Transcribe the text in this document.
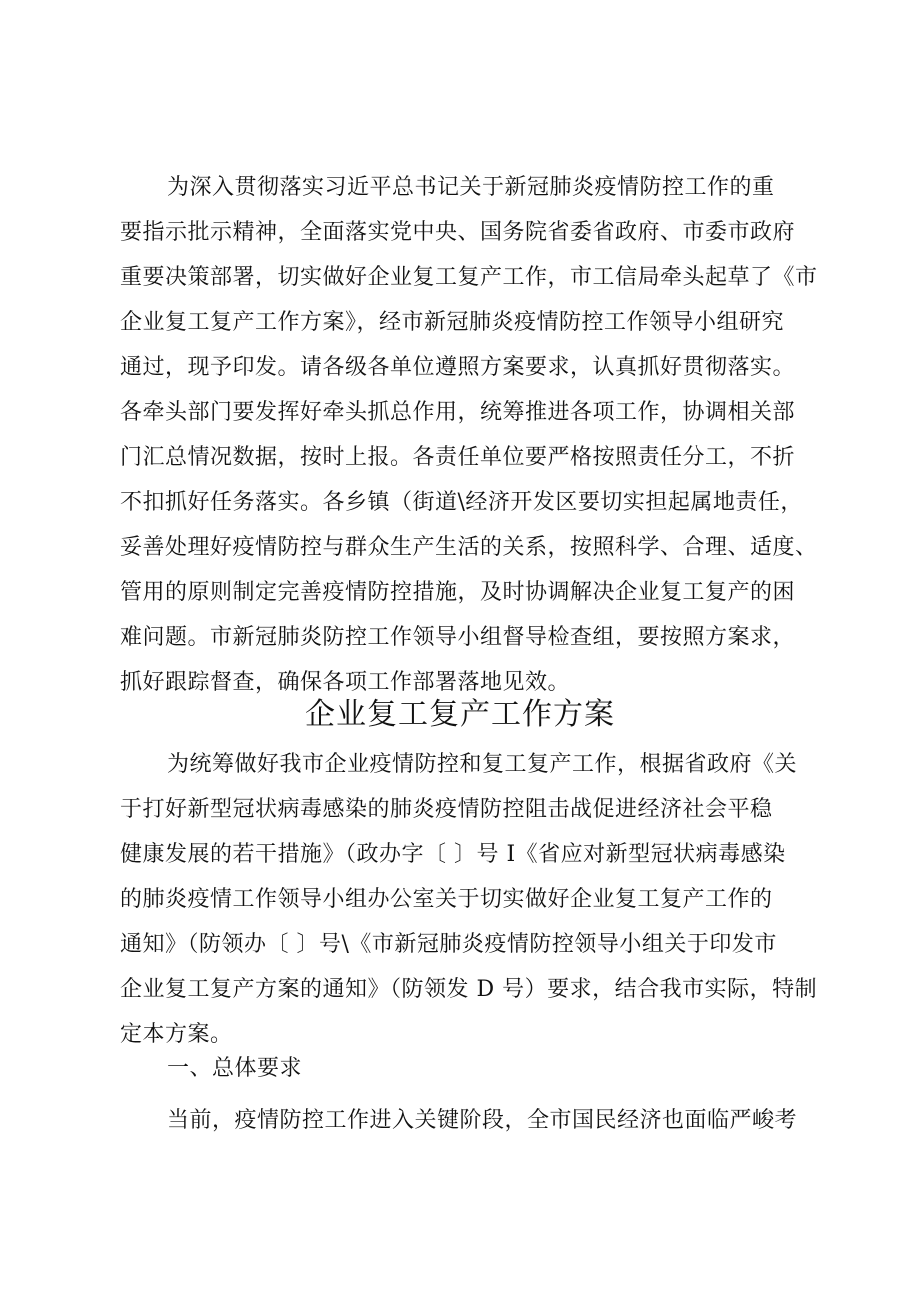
为深入贯彻落实习近平总书记关于新冠肺炎疫情防控工作的重
要指示批示精神，全面落实党中央、国务院省委省政府、市委市政府
重要决策部署，切实做好企业复工复产工作，市工信局牵头起草了《市
企业复工复产工作方案》，经市新冠肺炎疫情防控工作领导小组研究
通过，现予印发。请各级各单位遵照方案要求，认真抓好贯彻落实。
各牵头部门要发挥好牵头抓总作用，统筹推进各项工作，协调相关部
门汇总情况数据，按时上报。各责任单位要严格按照责任分工，不折
不扣抓好任务落实。各乡镇（街道\经济开发区要切实担起属地责任，
妥善处理好疫情防控与群众生产生活的关系，按照科学、合理、适度、
管用的原则制定完善疫情防控措施，及时协调解决企业复工复产的困
难问题。市新冠肺炎防控工作领导小组督导检查组，要按照方案求，
抓好跟踪督查，确保各项工作部署落地见效。
企业复工复产工作方案
为统筹做好我市企业疫情防控和复工复产工作，根据省政府《关
于打好新型冠状病毒感染的肺炎疫情防控阻击战促进经济社会平稳
健康发展的若干措施》（政办字〔 〕号 I《省应对新型冠状病毒感染
的肺炎疫情工作领导小组办公室关于切实做好企业复工复产工作的
通知》（防领办〔 〕号\《市新冠肺炎疫情防控领导小组关于印发市
企业复工复产方案的通知》（防领发 D 号）要求，结合我市实际，特制
定本方案。
一、总体要求
当前，疫情防控工作进入关键阶段，全市国民经济也面临严峻考
